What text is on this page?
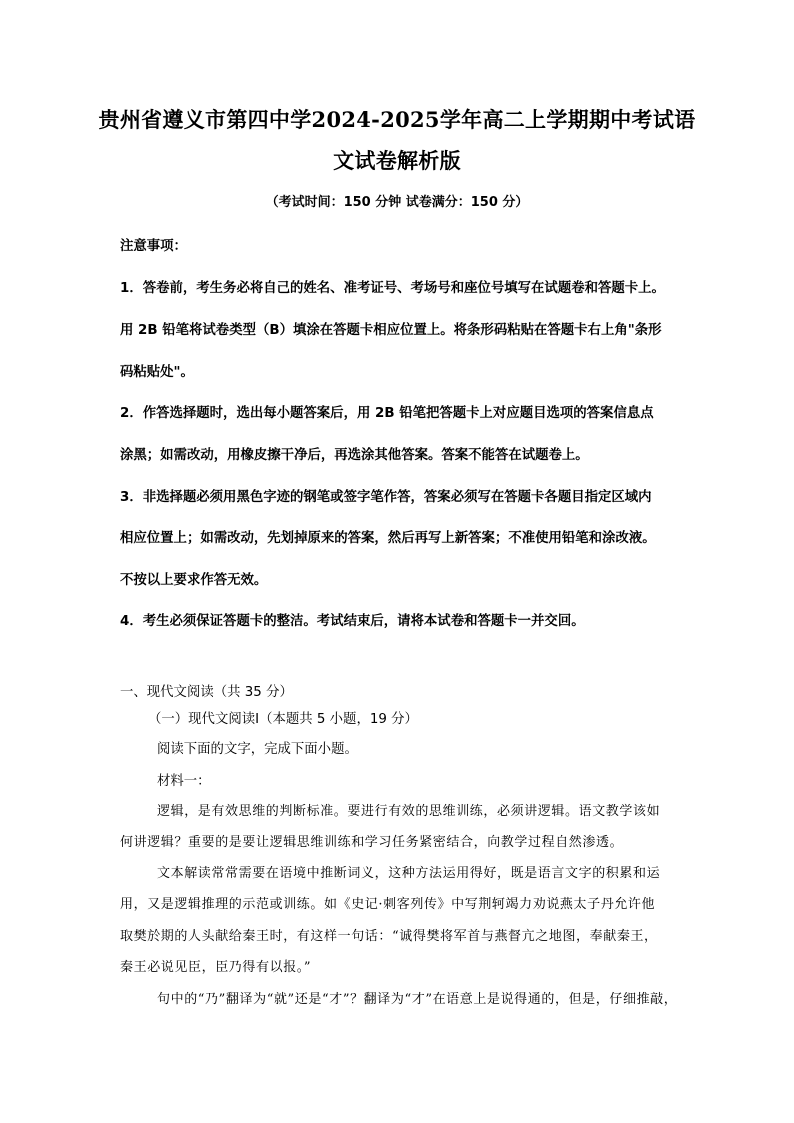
贵州省遵义市第四中学2024-2025学年高二上学期期中考试语
文试卷解析版
（考试时间：150 分钟 试卷满分：150 分）
注意事项：
1．答卷前，考生务必将自己的姓名、准考证号、考场号和座位号填写在试题卷和答题卡上。
用 2B 铅笔将试卷类型（B）填涂在答题卡相应位置上。将条形码粘贴在答题卡右上角"条形
码粘贴处"。
2．作答选择题时，选出每小题答案后，用 2B 铅笔把答题卡上对应题目选项的答案信息点
涂黑；如需改动，用橡皮擦干净后，再选涂其他答案。答案不能答在试题卷上。
3．非选择题必须用黑色字迹的钢笔或签字笔作答，答案必须写在答题卡各题目指定区域内
相应位置上；如需改动，先划掉原来的答案，然后再写上新答案；不准使用铅笔和涂改液。
不按以上要求作答无效。
4．考生必须保证答题卡的整洁。考试结束后，请将本试卷和答题卡一并交回。
一、现代文阅读（共 35 分）
（一）现代文阅读Ⅰ（本题共 5 小题，19 分）
阅读下面的文字，完成下面小题。
材料一：
逻辑，是有效思维的判断标准。要进行有效的思维训练，必须讲逻辑。语文教学该如
何讲逻辑？重要的是要让逻辑思维训练和学习任务紧密结合，向教学过程自然渗透。
文本解读常常需要在语境中推断词义，这种方法运用得好，既是语言文字的积累和运
用，又是逻辑推理的示范或训练。如《史记·刺客列传》中写荆轲竭力劝说燕太子丹允许他
取樊於期的人头献给秦王时，有这样一句话：“诚得樊将军首与燕督亢之地图，奉献秦王，
秦王必说见臣，臣乃得有以报。”
句中的“乃”翻译为“就”还是“才”？翻译为“才”在语意上是说得通的，但是，仔细推敲，
